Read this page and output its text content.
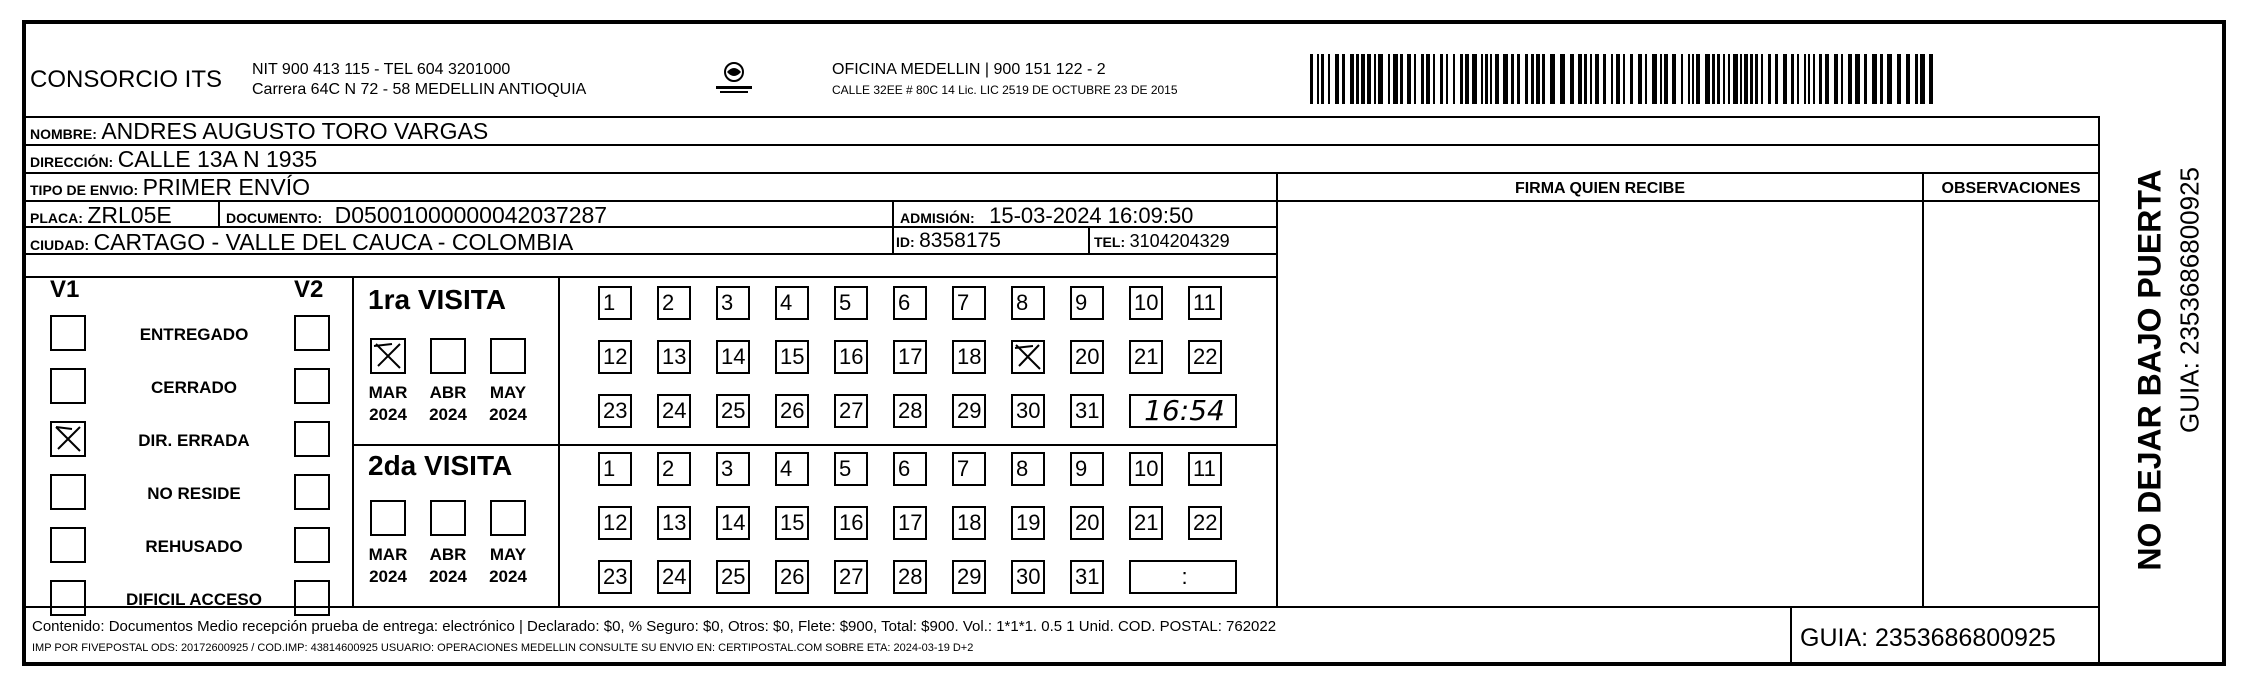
CONSORCIO ITS NIT 900 413 115 - TEL 604 3201000
Carrera 64C N 72 - 58 MEDELLIN ANTIOQUIA
OFICINA MEDELLIN | 900 151 122 - 2
CALLE 32EE # 80C 14 Lic. LIC 2519 DE OCTUBRE 23 DE 2015
NOMBRE: ANDRES AUGUSTO TORO VARGAS
DIRECCIÓN: CALLE 13A N 1935
TIPO DE ENVIO: PRIMER ENVÍO	FIRMA QUIEN RECIBE	OBSERVACIONES
PLACA: ZRL05E	DOCUMENTO: D05001000000042037287	ADMISIÓN: 15-03-2024 16:09:50
CIUDAD: CARTAGO - VALLE DEL CAUCA - COLOMBIA	ID: 8358175	TEL: 3104204329
V1	V2
ENTREGADO
CERRADO
DIR. ERRADA
NO RESIDE
REHUSADO
DIFICIL ACCESO
1ra VISITA
2da VISITA
MAR
2024
ABR
2024
MAY
2024
1	2	3	4	5	6	7	8	9	10 11
12 13 14 15 16 17 18	20 21 22
23 24 25 26 27 28 29 30 31	16:54
MAR
2024
ABR
2024
MAY
2024
1	2	3	4	5	6	7	8	9	10 11
12 13 14 15 16 17 18 19 20 21 22
23 24 25 26 27 28 29 30 31	:
Contenido: Documentos Medio recepción prueba de entrega: electrónico | Declarado: $0, % Seguro: $0, Otros: $0, Flete: $900, Total: $900. Vol.: 1*1*1. 0.5 1 Unid. COD. POSTAL: 762022
IMP POR FIVEPOSTAL ODS: 20172600925 / COD.IMP: 43814600925 USUARIO: OPERACIONES MEDELLIN CONSULTE SU ENVIO EN: CERTIPOSTAL.COM SOBRE ETA: 2024-03-19 D+2	GUIA: 2353686800925
NO DEJAR BAJO PUERTA GUIA: 2353686800925
